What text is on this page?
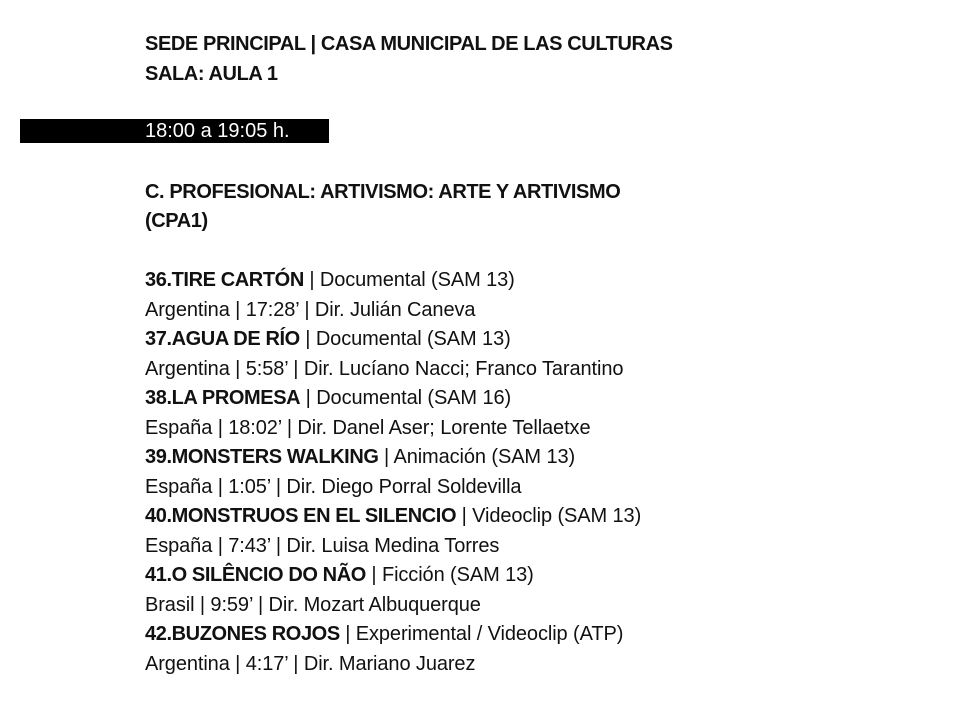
18:00 a 19:05 h.
SEDE PRINCIPAL | CASA MUNICIPAL DE LAS CULTURAS
SALA: AULA 1
C. PROFESIONAL: ARTIVISMO: ARTE Y ARTIVISMO
(CPA1)
36.TIRE CARTÓN | Documental (SAM 13)
Argentina | 17:28’ | Dir. Julián Caneva
37.AGUA DE RÍO | Documental (SAM 13)
Argentina | 5:58’ | Dir. Lucíano Nacci; Franco Tarantino
38.LA PROMESA | Documental (SAM 16)
España | 18:02’ | Dir. Danel Aser; Lorente Tellaetxe
39.MONSTERS WALKING | Animación (SAM 13)
España | 1:05’ | Dir. Diego Porral Soldevilla
40.MONSTRUOS EN EL SILENCIO | Videoclip (SAM 13)
España | 7:43’ | Dir. Luisa Medina Torres
41.O SILÊNCIO DO NÃO | Ficción (SAM 13)
Brasil | 9:59’ | Dir. Mozart Albuquerque
42.BUZONES ROJOS | Experimental / Videoclip (ATP)
Argentina | 4:17’ | Dir. Mariano Juarez
